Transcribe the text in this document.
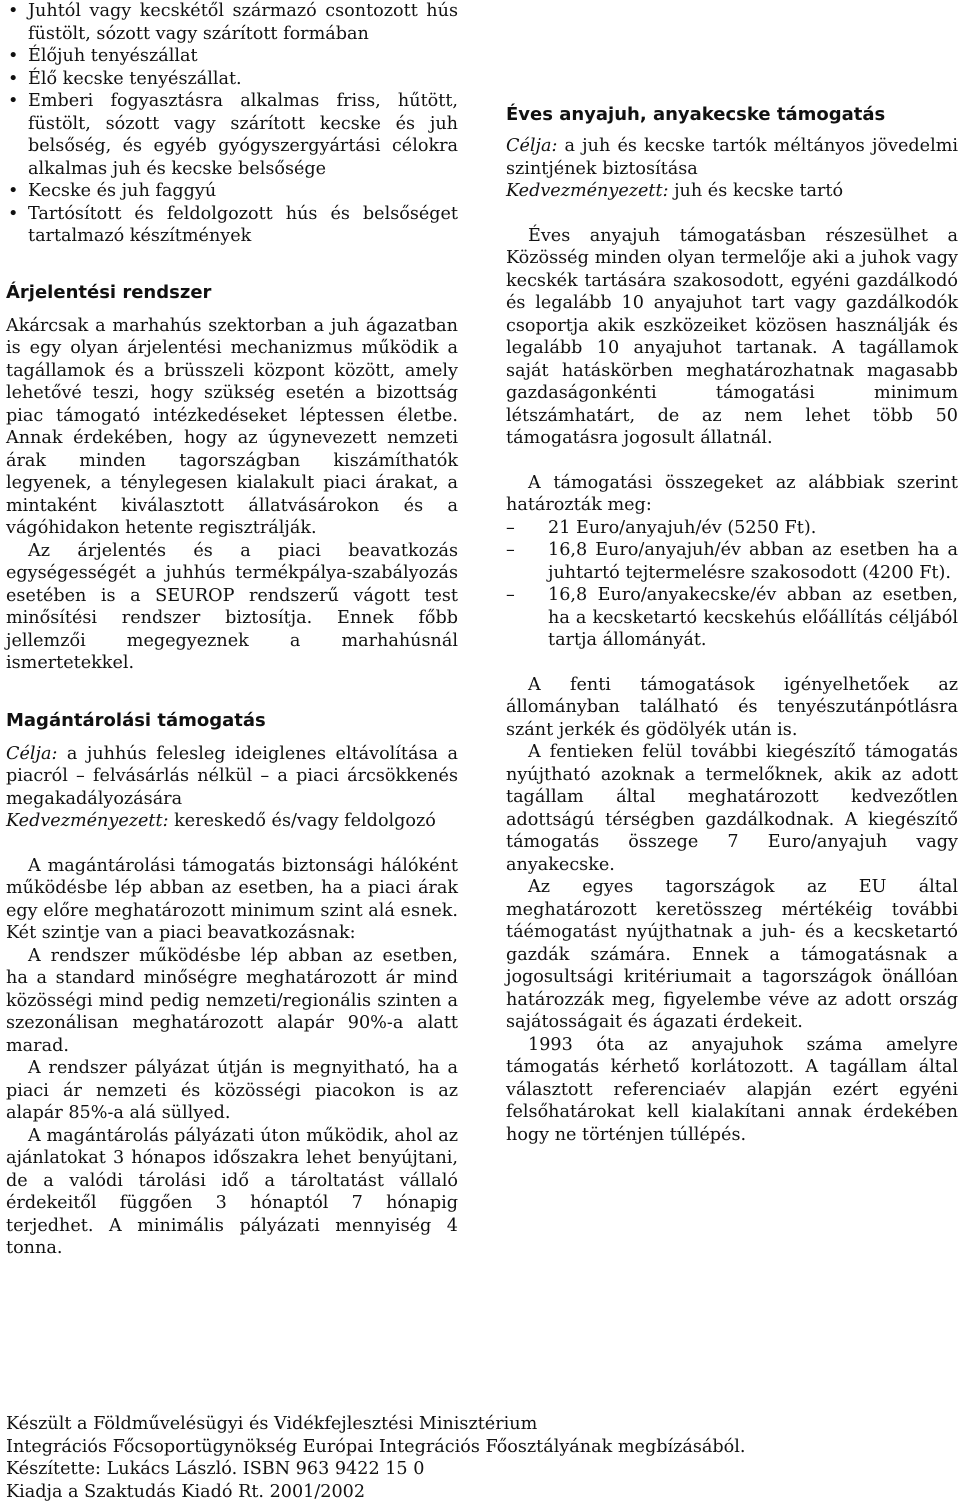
• Juhtól vagy kecskétől származó csontozott hús füstölt, sózott vagy szárított formában
• Élőjuh tenyészállat
• Élő kecske tenyészállat.
• Emberi fogyasztásra alkalmas friss, hűtött, füstölt, sózott vagy szárított kecske és juh belsőség, és egyéb gyógyszergyártási célokra alkalmas juh és kecske belsősége
• Kecske és juh faggyú
• Tartósított és feldolgozott hús és belsőséget tartalmazó készítmények
Árjelentési rendszer

Akárcsak a marhahús szektorban a juh ágazatban is egy olyan árjelentési mechanizmus működik a tagállamok és a brüsszeli központ között, amely lehetővé teszi, hogy szükség esetén a bizottság piac támogató intézkedéseket léptessen életbe. Annak érdekében, hogy az úgynevezett nemzeti árak minden tagországban kiszámíthatók legyenek, a ténylegesen kialakult piaci árakat, a mintaként kiválasztott állatvásárokon és a vágóhidakon hetente regisztrálják.

Az árjelentés és a piaci beavatkozás egységességét a juhhús termékpálya-szabályozás esetében is a SEUROP rendszerű vágott test minősítési rendszer biztosítja. Ennek főbb jellemzői megegyeznek a marhahúsnál ismertetekkel.

Magántárolási támogatás

Célja: a juhhús felesleg ideiglenes eltávolítása a piacról – felvásárlás nélkül – a piaci árcsökkenés megakadályozására

Kedvezményezett: kereskedő és/vagy feldolgozó

A magántárolási támogatás biztonsági hálóként működésbe lép abban az esetben, ha a piaci árak egy előre meghatározott minimum szint alá esnek. Két szintje van a piaci beavatkozásnak:

A rendszer működésbe lép abban az esetben, ha a standard minőségre meghatározott ár mind közösségi mind pedig nemzeti/regionális szinten a szezonálisan meghatározott alapár 90%-a alatt marad.

A rendszer pályázat útján is megnyitható, ha a piaci ár nemzeti és közösségi piacokon is az alapár 85%-a alá süllyed.

A magántárolás pályázati úton működik, ahol az ajánlatokat 3 hónapos időszakra lehet benyújtani, de a valódi tárolási idő a tároltatást vállaló érdekeitől függően 3 hónaptól 7 hónapig terjedhet. A minimális pályázati mennyiség 4 tonna.

Éves anyajuh, anyakecske támogatás

Célja: a juh és kecske tartók méltányos jövedelmi szintjének biztosítása

Kedvezményezett: juh és kecske tartó

Éves anyajuh támogatásban részesülhet a Közösség minden olyan termelője aki a juhok vagy kecskék tartására szakosodott, egyéni gazdálkodó és legalább 10 anyajuhot tart vagy gazdálkodók csoportja akik eszközeiket közösen használják és legalább 10 anyajuhot tartanak. A tagállamok saját hatáskörben meghatározhatnak magasabb gazdaságonkénti támogatási minimum létszámhatárt, de az nem lehet több 50 támogatásra jogosult állatnál.

A támogatási összegeket az alábbiak szerint határozták meg:

– 21 Euro/anyajuh/év (5250 Ft).
– 16,8 Euro/anyajuh/év abban az esetben ha a juhtartó tejtermelésre szakosodott (4200 Ft).
– 16,8 Euro/anyakecske/év abban az esetben, ha a kecsketartó kecskehús előállítás céljából tartja állományát.

A fenti támogatások igényelhetőek az állományban található és tenyészutánpótlásra szánt jerkék és gödölyék után is.

A fentieken felül további kiegészítő támogatás nyújtható azoknak a termelőknek, akik az adott tagállam által meghatározott kedvezőtlen adottságú térségben gazdálkodnak. A kiegészítő támogatás összege 7 Euro/anyajuh vagy anyakecske.

Az egyes tagországok az EU által meghatározott keretösszeg mértékéig további táémogatást nyújthatnak a juh- és a kecsketartó gazdák számára. Ennek a támogatásnak a jogosultsági kritériumait a tagországok önállóan határozzák meg, figyelembe véve az adott ország sajátosságait és ágazati érdekeit.

1993 óta az anyajuhok száma amelyre támogatás kérhető korlátozott. A tagállam által választott referenciaév alapján ezért egyéni felsőhatárokat kell kialakítani annak érdekében hogy ne történjen túllépés.

Készült a Földművelésügyi és Vidékfejlesztési Minisztérium

Integrációs Főcsoportügynökség Európai Integrációs Főosztályának megbízásából.

Készítette: Lukács László. ISBN 963 9422 15 0

Kiadja a Szaktudás Kiadó Rt. 2001/2002
